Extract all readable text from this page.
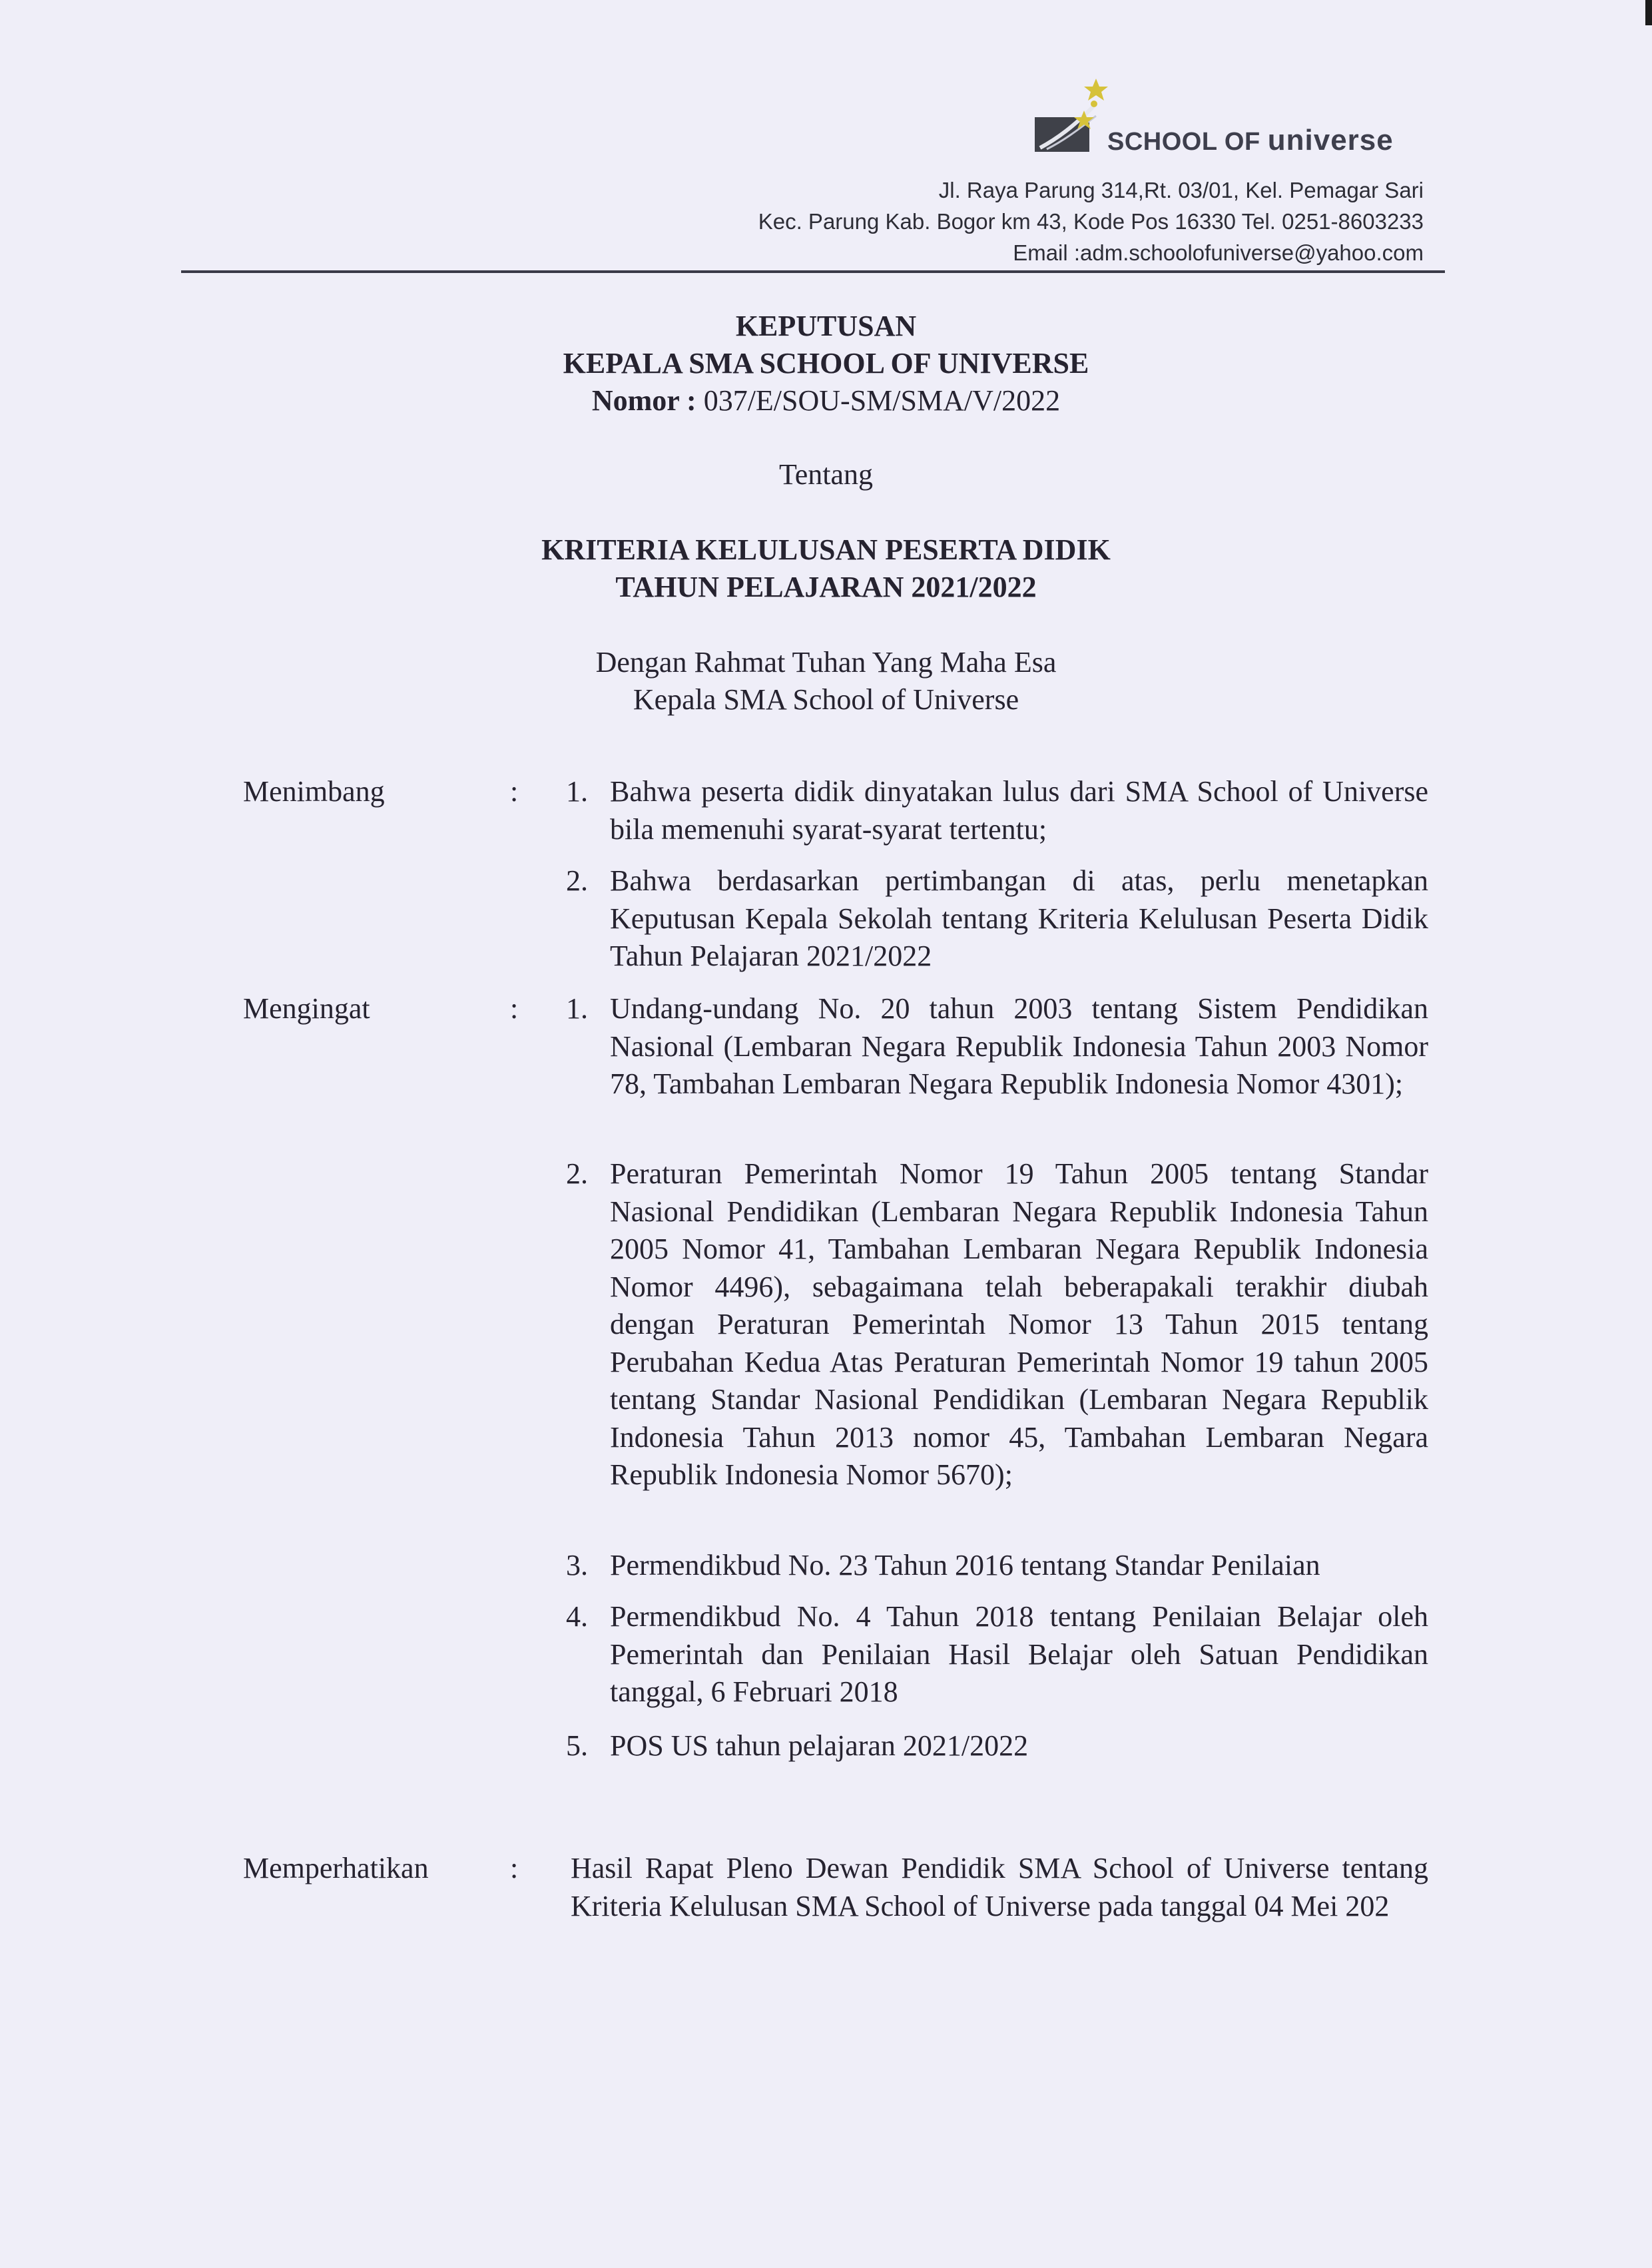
SCHOOL OF universe
Jl. Raya Parung 314,Rt. 03/01, Kel. Pemagar Sari
Kec. Parung Kab. Bogor km 43, Kode Pos 16330 Tel. 0251-8603233
Email :adm.schoolofuniverse@yahoo.com
KEPUTUSAN
KEPALA SMA SCHOOL OF UNIVERSE
Nomor : 037/E/SOU-SM/SMA/V/2022
Tentang
KRITERIA KELULUSAN PESERTA DIDIK
TAHUN PELAJARAN 2021/2022
Dengan Rahmat Tuhan Yang Maha Esa
Kepala SMA School of Universe
Menimbang	: 1. Bahwa peserta didik dinyatakan lulus dari SMA School of Universe bila memenuhi syarat-syarat tertentu;
2. Bahwa berdasarkan pertimbangan di atas, perlu menetapkan Keputusan Kepala Sekolah tentang Kriteria Kelulusan Peserta Didik Tahun Pelajaran 2021/2022
Mengingat	: 1. Undang-undang No. 20 tahun 2003 tentang Sistem Pendidikan Nasional (Lembaran Negara Republik Indonesia Tahun 2003 Nomor 78, Tambahan Lembaran Negara Republik Indonesia Nomor 4301);
2. Peraturan Pemerintah Nomor 19 Tahun 2005 tentang Standar Nasional Pendidikan (Lembaran Negara Republik Indonesia Tahun 2005 Nomor 41, Tambahan Lembaran Negara Republik Indonesia Nomor 4496), sebagaimana telah beberapakali terakhir diubah dengan Peraturan Pemerintah Nomor 13 Tahun 2015 tentang Perubahan Kedua Atas Peraturan Pemerintah Nomor 19 tahun 2005 tentang Standar Nasional Pendidikan (Lembaran Negara Republik Indonesia Tahun 2013 nomor 45, Tambahan Lembaran Negara Republik Indonesia Nomor 5670);
3. Permendikbud No. 23 Tahun 2016 tentang Standar Penilaian
4. Permendikbud No. 4 Tahun 2018 tentang Penilaian Belajar oleh Pemerintah dan Penilaian Hasil Belajar oleh Satuan Pendidikan tanggal, 6 Februari 2018
5. POS US tahun pelajaran 2021/2022
Memperhatikan	: Hasil Rapat Pleno Dewan Pendidik SMA School of Universe tentang Kriteria Kelulusan SMA School of Universe pada tanggal 04 Mei 202
